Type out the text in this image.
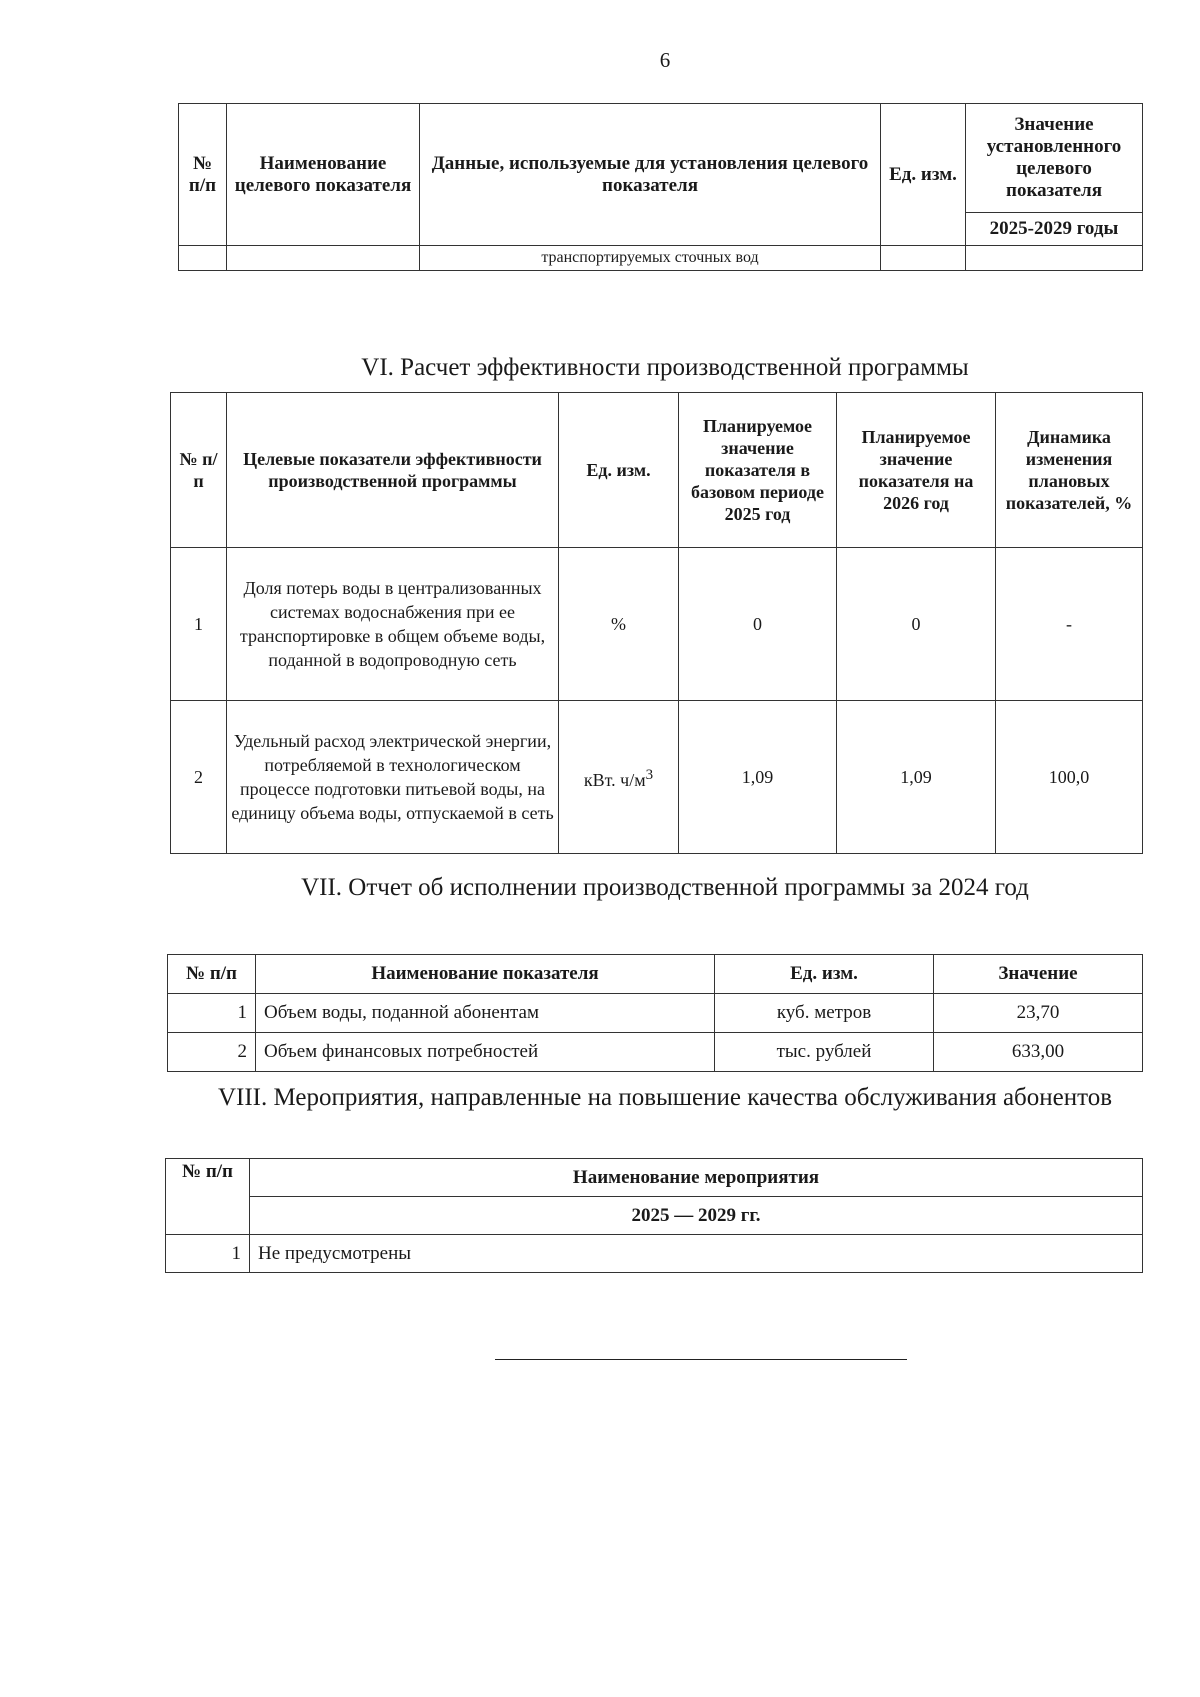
6
№ п/п	Наименование целевого показателя	Данные, используемые для установления целевого показателя	Ед. изм.	Значение установленного целевого показателя
				2025-2029 годы
		транспортируемых сточных вод		
VI. Расчет эффективности производственной программы
№ п/п	Целевые показатели эффективности производственной программы	Ед. изм.	Планируемое значение показателя в базовом периоде 2025 год	Планируемое значение показателя на 2026 год	Динамика изменения плановых показателей, %
1	Доля потерь воды в централизованных системах водоснабжения при ее транспортировке в общем объеме воды, поданной в водопроводную сеть	%	0	0	-
2	Удельный расход электрической энергии, потребляемой в технологическом процессе подготовки питьевой воды, на единицу объема воды, отпускаемой в сеть	кВт. $ч/м^3$	1,09	1,09	100,0
VII. Отчет об исполнении производственной программы за 2024 год
№ п/п	Наименование показателя	Ед. изм.	Значение
1	Объем воды, поданной абонентам	куб. метров	23,70
2	Объем финансовых потребностей	тыс. рублей	633,00
VIII. Мероприятия, направленные на повышение качества обслуживания абонентов
№ п/п	Наименование мероприятия
	2025 — 2029 гг.
1	Не предусмотрены
